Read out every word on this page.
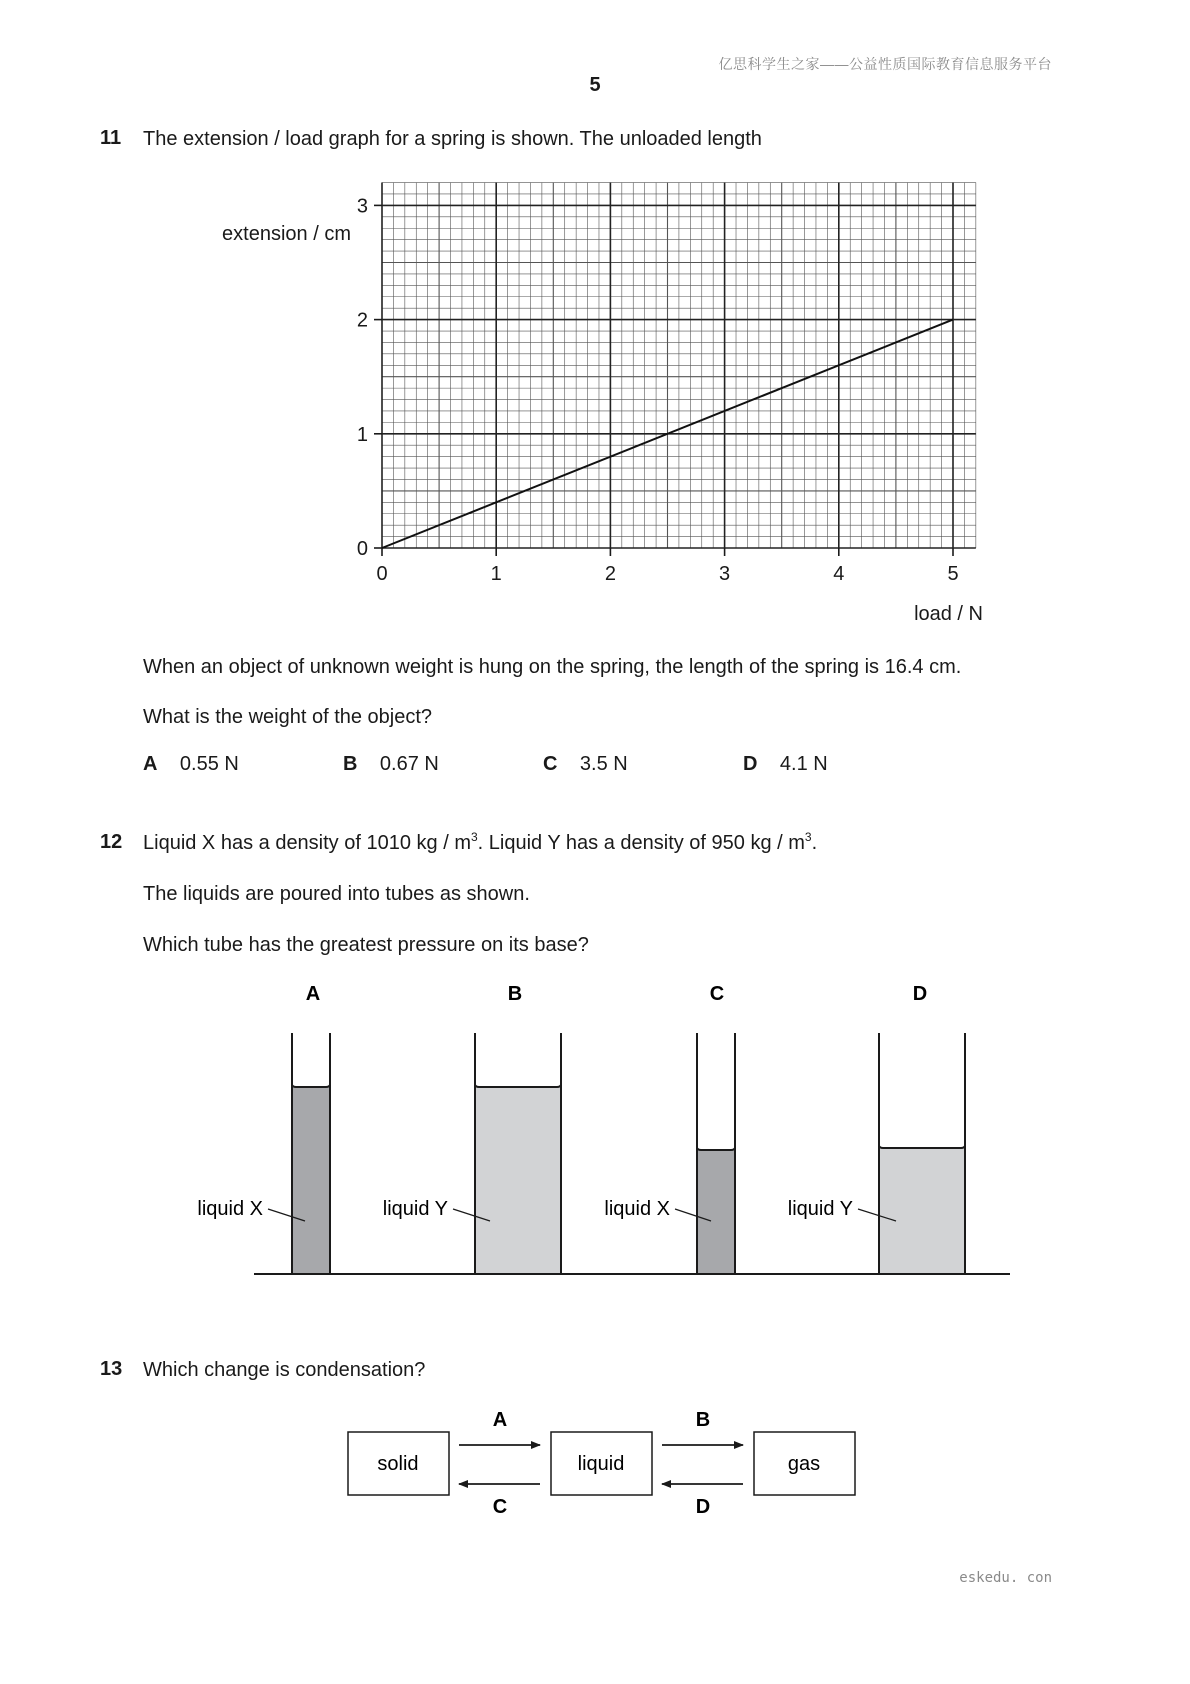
亿思科学生之家——公益性质国际教育信息服务平台
5
11 The extension / load graph for a spring is shown. The unloaded length
0	1	2	3	4	5
0
1
2
3
extension / cm
load / N
When an object of unknown weight is hung on the spring, the length of the spring is 16.4 cm.
What is the weight of the object?
A 0.55 N	B 0.67 N	C 3.5 N	D 4.1 N
12 Liquid X has a density of 1010 kg / $m^3$. Liquid Y has a density of 950 kg / $m^3$.
The liquids are poured into tubes as shown.
Which tube has the greatest pressure on its base?
A
liquid X
B
liquid Y
C
liquid X
D
liquid Y
13 Which change is condensation?
solid	liquid	gas
A	B
C	D
eskedu. con
